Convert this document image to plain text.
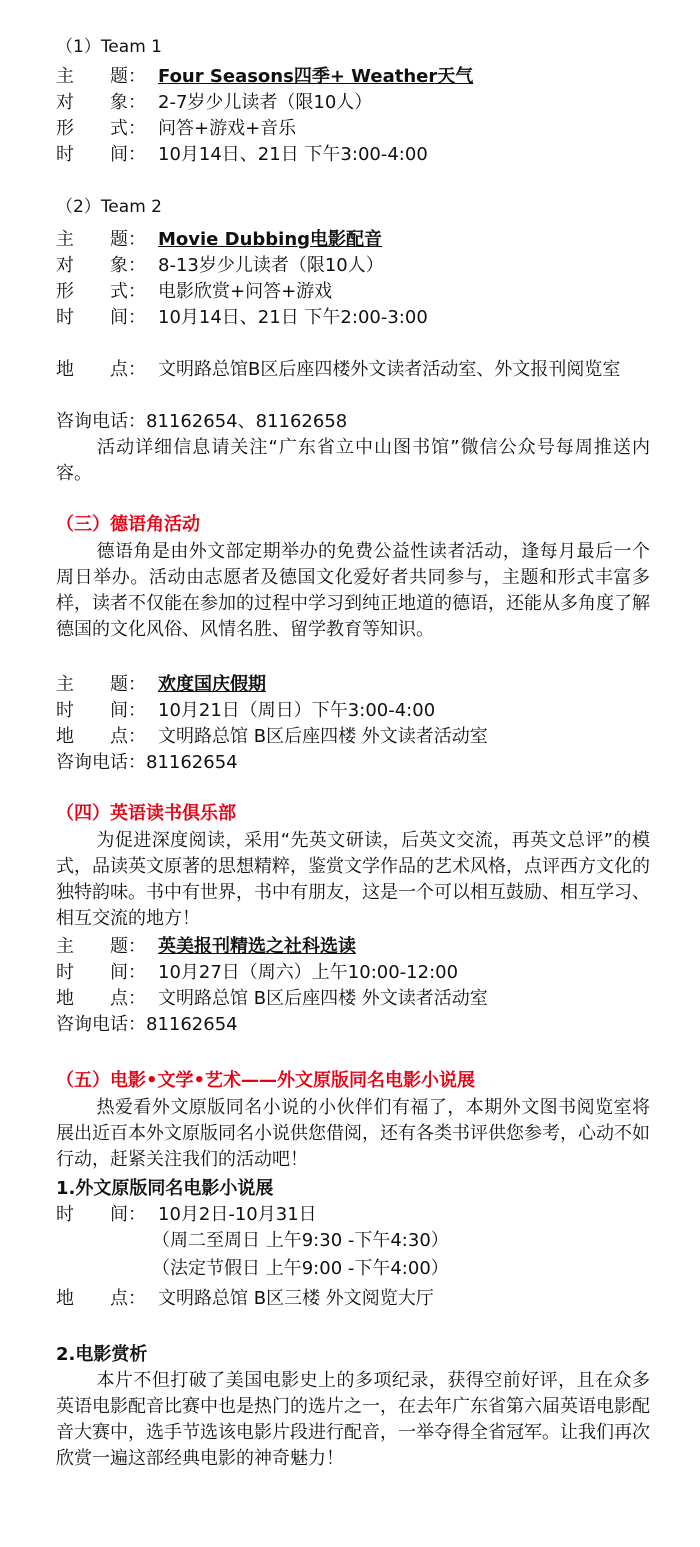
（1）Team 1
主　　题： Four Seasons四季+ Weather天气
对　　象： 2-7岁少儿读者（限10人）
形　　式： 问答+游戏+音乐
时　　间： 10月14日、21日 下午3:00-4:00
（2）Team 2
主　　题： Movie Dubbing电影配音
对　　象： 8-13岁少儿读者（限10人）
形　　式： 电影欣赏+问答+游戏
时　　间： 10月14日、21日 下午2:00-3:00
地　　点： 文明路总馆B区后座四楼外文读者活动室、外文报刊阅览室
咨询电话：81162654、81162658
活动详细信息请关注“广东省立中山图书馆”微信公众号每周推送内容。
（三）德语角活动
德语角是由外文部定期举办的免费公益性读者活动，逢每月最后一个周日举办。活动由志愿者及德国文化爱好者共同参与，主题和形式丰富多样，读者不仅能在参加的过程中学习到纯正地道的德语，还能从多角度了解德国的文化风俗、风情名胜、留学教育等知识。
主　　题： 欢度国庆假期
时　　间： 10月21日（周日）下午3:00-4:00
地　　点： 文明路总馆 B区后座四楼 外文读者活动室
咨询电话：81162654
（四）英语读书俱乐部
为促进深度阅读，采用“先英文研读，后英文交流，再英文总评”的模式，品读英文原著的思想精粹，鉴赏文学作品的艺术风格，点评西方文化的独特韵味。书中有世界，书中有朋友，这是一个可以相互鼓励、相互学习、相互交流的地方！
主　　题： 英美报刊精选之社科选读
时　　间： 10月27日（周六）上午10:00-12:00
地　　点： 文明路总馆 B区后座四楼 外文读者活动室
咨询电话：81162654
（五）电影•文学•艺术——外文原版同名电影小说展
热爱看外文原版同名小说的小伙伴们有福了，本期外文图书阅览室将展出近百本外文原版同名小说供您借阅，还有各类书评供您参考，心动不如行动，赶紧关注我们的活动吧！
1.外文原版同名电影小说展
时　　间： 10月2日-10月31日
（周二至周日 上午9:30 -下午4:30）
（法定节假日 上午9:00 -下午4:00）
地　　点： 文明路总馆 B区三楼 外文阅览大厅
2.电影赏析
本片不但打破了美国电影史上的多项纪录，获得空前好评，且在众多英语电影配音比赛中也是热门的选片之一，在去年广东省第六届英语电影配音大赛中，选手节选该电影片段进行配音，一举夺得全省冠军。让我们再次欣赏一遍这部经典电影的神奇魅力！
